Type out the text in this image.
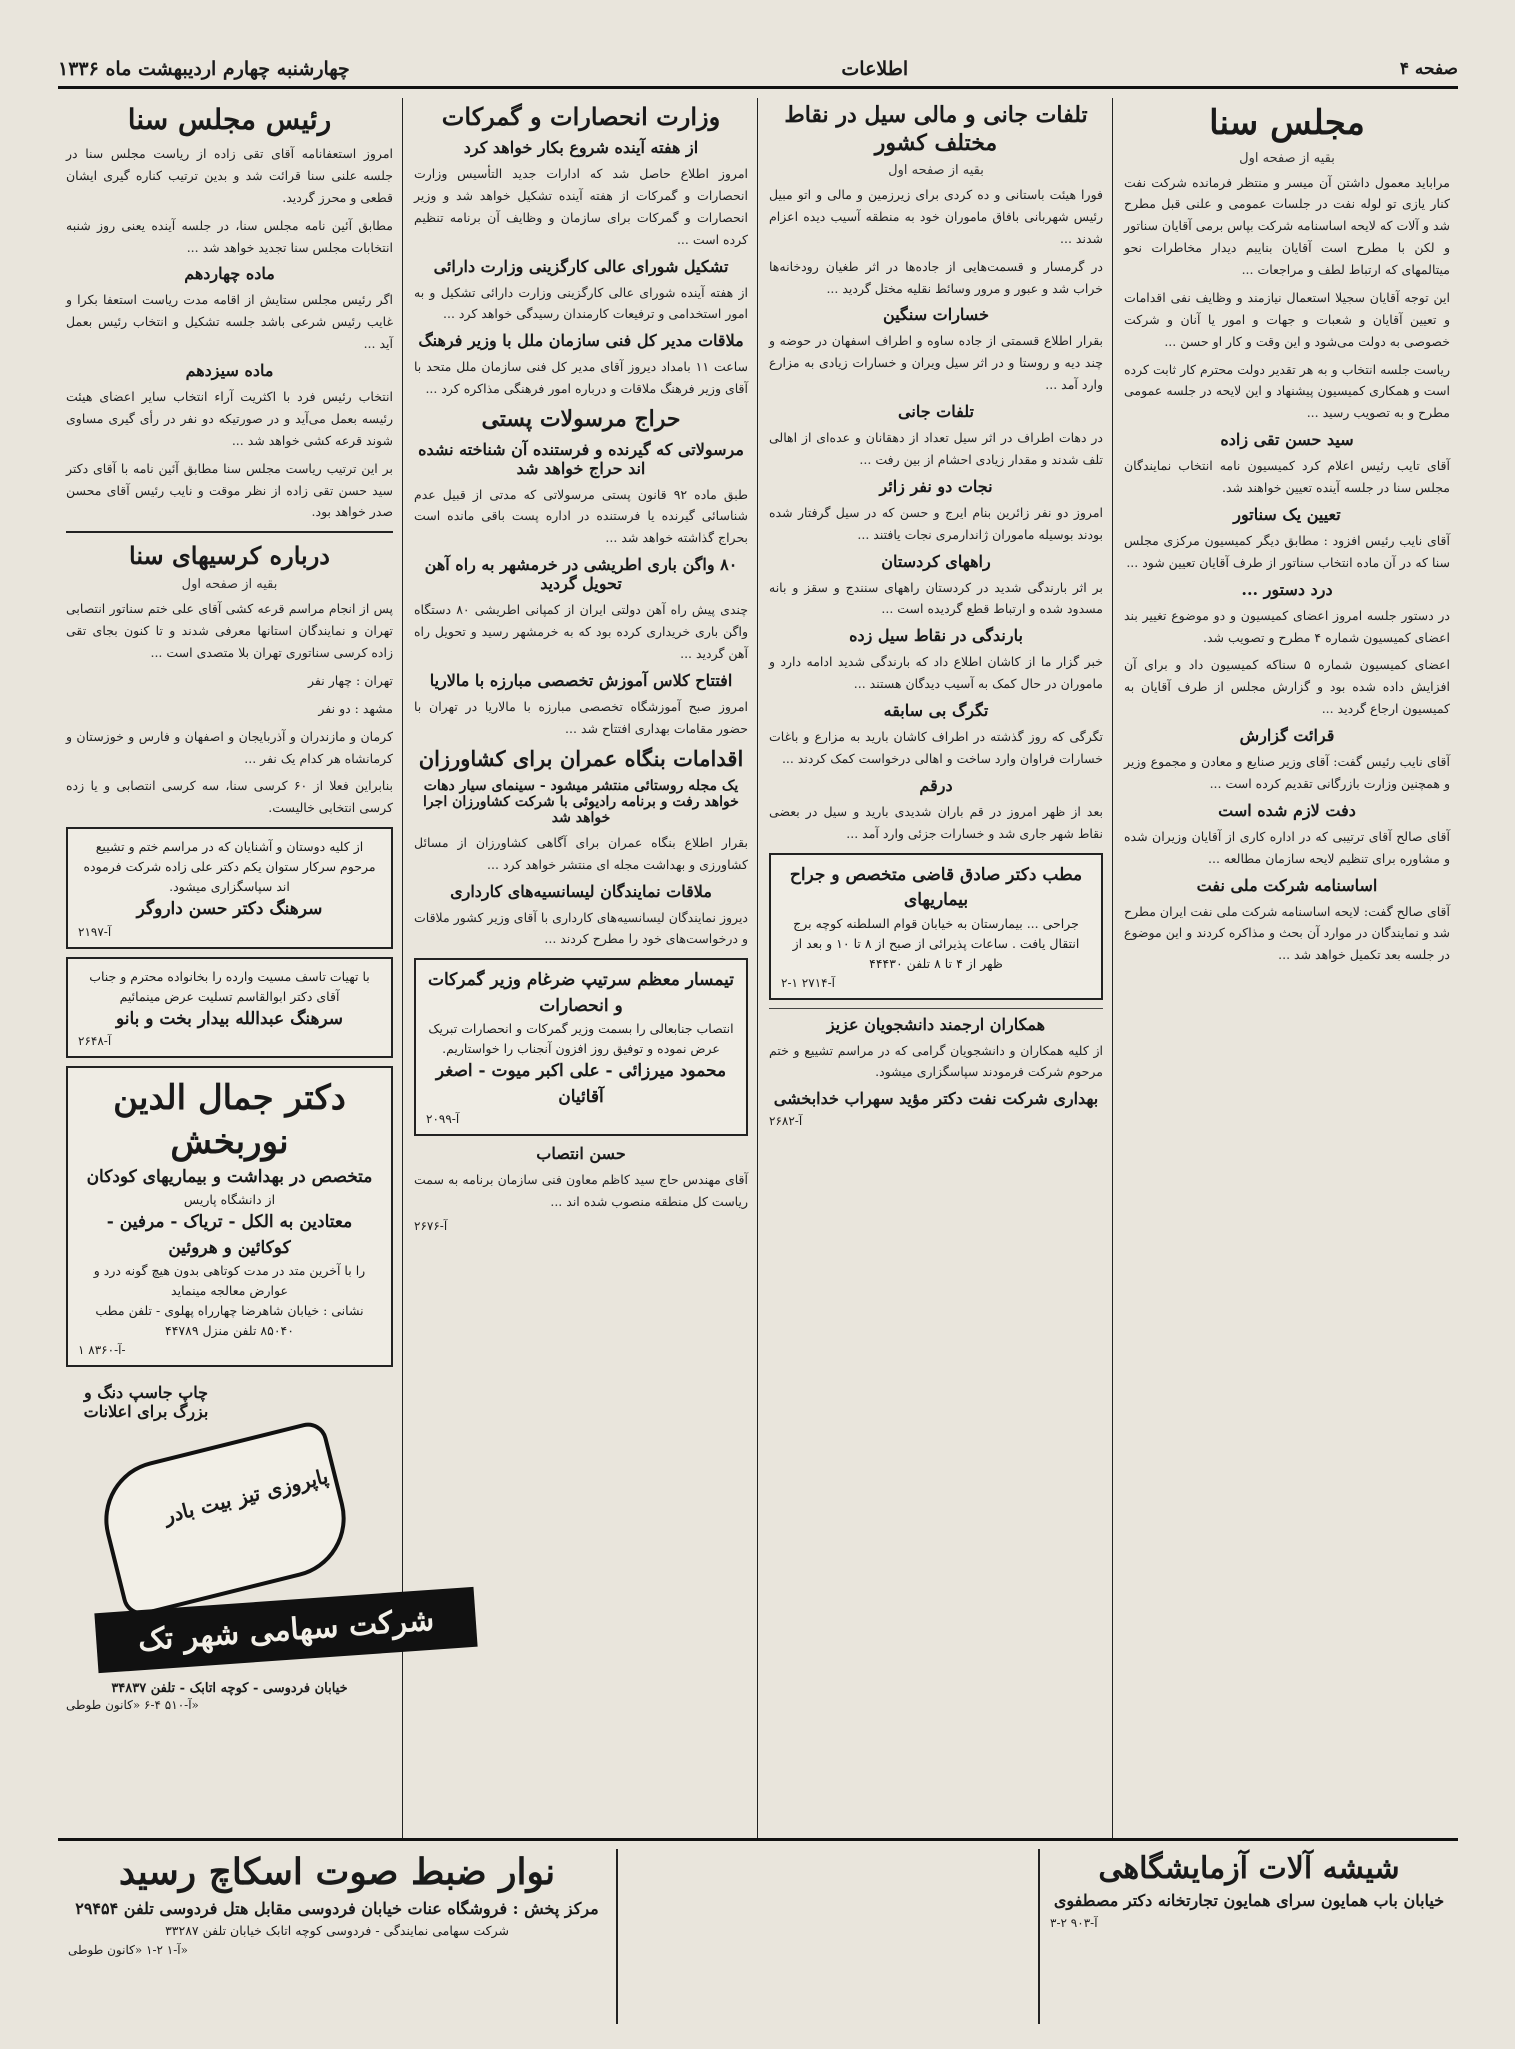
صفحه ۴
اطلاعات
چهارشنبه چهارم اردیبهشت ماه ۱۳۳۶
مجلس سنا
بقیه از صفحه اول

مراباید معمول داشتن آن میسر و منتظر فرمانده شرکت نفت کنار یازی تو لوله نفت در جلسات عمومی و علنی قبل مطرح شد و آلات که لایحه اساسنامه شرکت بپاس برمی آقایان سناتور و لکن با مطرح است آقایان بنایبم دیدار مخاطرات نحو میتالمهای که ارتباط لطف و مراجعات ...

این توجه آقایان سجیلا استعمال نیازمند و وظایف نفی اقدامات و تعیین آقایان و شعبات و جهات و امور یا آنان و شرکت خصوصی به دولت می‌شود و این وقت و کار او حسن ...

ریاست جلسه انتخاب و به هر تقدیر دولت محترم کار ثابت کرده است و همکاری کمیسیون پیشنهاد و این لایحه در جلسه عمومی مطرح و به تصویب رسید ...

سید حسن تقی زاده

آقای تایب رئیس اعلام کرد کمیسیون نامه انتخاب نمایندگان مجلس سنا در جلسه آینده تعیین خواهند شد.

تعیین یک سناتور

آقای نایب رئیس افزود : مطابق دیگر کمیسیون مرکزی مجلس سنا که در آن ماده انتخاب سناتور از طرف آقایان تعیین شود ...

درد دستور ...

در دستور جلسه امروز اعضای کمیسیون و دو موضوع تغییر بند اعضای کمیسیون شماره ۴ مطرح و تصویب شد.

اعضای کمیسیون شماره ۵ سناکه کمیسیون داد و برای آن افزایش داده شده بود و گزارش مجلس از طرف آقایان به کمیسیون ارجاع گردید ...

قرائت گزارش

آقای نایب رئیس گفت: آقای وزیر صنایع و معادن و مجموع وزیر و همچنین وزارت بازرگانی تقدیم کرده است ...

دفت لازم شده است

آقای صالح آقای ترتیبی که در اداره کاری از آقایان وزیران شده و مشاوره برای تنظیم لایحه سازمان مطالعه ...

اساسنامه شرکت ملی نفت

آقای صالح گفت: لایحه اساسنامه شرکت ملی نفت ایران مطرح شد و نمایندگان در موارد آن بحث و مذاکره کردند و این موضوع در جلسه بعد تکمیل خواهد شد ...

تلفات جانی و مالی سیل در نقاط مختلف کشور
بقیه از صفحه اول

فورا هیئت باستانی و ده کردی برای زیرزمین و مالی و اتو مبیل رئیس شهربانی بافاق ماموران خود به منطقه آسیب دیده اعزام شدند ...

در گرمسار و قسمت‌هایی از جاده‌ها در اثر طغیان رودخانه‌ها خراب شد و عبور و مرور وسائط نقلیه مختل گردید ...

خسارات سنگین

بقرار اطلاع قسمتی از جاده ساوه و اطراف اسفهان در حوضه و چند دیه و روستا و در اثر سیل ویران و خسارات زیادی به مزارع وارد آمد ...

تلفات جانی

در دهات اطراف در اثر سیل تعداد از دهقانان و عده‌ای از اهالی تلف شدند و مقدار زیادی احشام از بین رفت ...

نجات دو نفر زائر

امروز دو نفر زائرین بنام ایرج و حسن که در سیل گرفتار شده بودند بوسیله ماموران ژاندارمری نجات یافتند ...

راههای کردستان

بر اثر بارندگی شدید در کردستان راههای سنندج و سقز و بانه مسدود شده و ارتباط قطع گردیده است ...

بارندگی در نقاط سیل زده

خبر گزار ما از کاشان اطلاع داد که بارندگی شدید ادامه دارد و ماموران در حال کمک به آسیب دیدگان هستند ...

تگرگ بی سابقه

تگرگی که روز گذشته در اطراف کاشان بارید به مزارع و باغات خسارات فراوان وارد ساخت و اهالی درخواست کمک کردند ...

درقم

بعد از ظهر امروز در قم باران شدیدی بارید و سیل در بعضی نقاط شهر جاری شد و خسارات جزئی وارد آمد ...

مطب دکتر صادق قاضی متخصص و جراح بیماریهای
جراحی ... بیمارستان به خیابان قوام السلطنه کوچه برج انتقال یافت . ساعات پذیرائی از صبح از ۸ تا ۱۰ و بعد از ظهر از ۴ تا ۸ تلفن ۴۴۴۳۰
آ-۲۷۱۴ ۱-۲
همکاران ارجمند دانشجویان عزیز

از کلیه همکاران و دانشجویان گرامی که در مراسم تشییع و ختم مرحوم شرکت فرمودند سپاسگزاری میشود.

بهداری شرکت نفت دکتر مؤید سهراب خدابخشی
آ-۲۶۸۲
وزارت انحصارات و گمرکات
از هفته آینده شروع بکار خواهد کرد

امروز اطلاع حاصل شد که ادارات جدید التأسیس وزارت انحصارات و گمرکات از هفته آینده تشکیل خواهد شد و وزیر انحصارات و گمرکات برای سازمان و وظایف آن برنامه تنظیم کرده است ...

تشکیل شورای عالی کارگزینی وزارت دارائی

از هفته آینده شورای عالی کارگزینی وزارت دارائی تشکیل و به امور استخدامی و ترفیعات کارمندان رسیدگی خواهد کرد ...

ملاقات مدیر کل فنی سازمان ملل با وزیر فرهنگ

ساعت ۱۱ بامداد دیروز آقای مدیر کل فنی سازمان ملل متحد با آقای وزیر فرهنگ ملاقات و درباره امور فرهنگی مذاکره کرد ...

حراج مرسولات پستی
مرسولاتی که گیرنده و فرستنده آن شناخته نشده اند حراج خواهد شد

طبق ماده ۹۲ قانون پستی مرسولاتی که مدتی از قبیل عدم شناسائی گیرنده یا فرستنده در اداره پست باقی مانده است بحراج گذاشته خواهد شد ...

۸۰ واگن باری اطریشی در خرمشهر به راه آهن تحویل گردید

چندی پیش راه آهن دولتی ایران از کمپانی اطریشی ۸۰ دستگاه واگن باری خریداری کرده بود که به خرمشهر رسید و تحویل راه آهن گردید ...

افتتاح کلاس آموزش تخصصی مبارزه با مالاریا

امروز صبح آموزشگاه تخصصی مبارزه با مالاریا در تهران با حضور مقامات بهداری افتتاح شد ...

اقدامات بنگاه عمران برای کشاورزان
یک مجله روستائی منتشر میشود - سینمای سیار دهات خواهد رفت و برنامه رادیوئی با شرکت کشاورزان اجرا خواهد شد

بقرار اطلاع بنگاه عمران برای آگاهی کشاورزان از مسائل کشاورزی و بهداشت مجله ای منتشر خواهد کرد ...

ملاقات نمایندگان لیسانسیه‌های کارداری

دیروز نمایندگان لیسانسیه‌های کارداری با آقای وزیر کشور ملاقات و درخواست‌های خود را مطرح کردند ...

تیمسار معظم سرتیپ ضرغام وزیر گمرکات و انحصارات
انتصاب جنابعالی را بسمت وزیر گمرکات و انحصارات تبریک عرض نموده و توفیق روز افزون آنجناب را خواستاریم.
محمود میرزائی - علی اکبر میوت - اصغر آقائیان
آ-۲۰۹۹
حسن انتصاب

آقای مهندس حاج سید کاظم معاون فنی سازمان برنامه به سمت ریاست کل منطقه منصوب شده اند ...

آ-۲۶۷۶
رئیس مجلس سنا

امروز استعفانامه آقای تقی زاده از ریاست مجلس سنا در جلسه علنی سنا قرائت شد و بدین ترتیب کناره گیری ایشان قطعی و محرز گردید.

مطابق آئین نامه مجلس سنا، در جلسه آینده یعنی روز شنبه انتخابات مجلس سنا تجدید خواهد شد ...

ماده چهاردهم

اگر رئیس مجلس ستایش از اقامه مدت ریاست استعفا بکرا و غایب رئیس شرعی باشد جلسه تشکیل و انتخاب رئیس بعمل آید ...

ماده سیزدهم

انتخاب رئیس فرد با اکثریت آراء انتخاب سایر اعضای هیئت رئیسه بعمل می‌آید و در صورتیکه دو نفر در رأی گیری مساوی شوند قرعه کشی خواهد شد ...

بر این ترتیب ریاست مجلس سنا مطابق آئین نامه با آقای دکتر سید حسن تقی زاده از نظر موقت و نایب رئیس آقای محسن صدر خواهد بود.

درباره کرسیهای سنا
بقیه از صفحه اول

پس از انجام مراسم قرعه کشی آقای علی ختم سناتور انتصابی تهران و نمایندگان استانها معرفی شدند و تا کنون بجای تقی زاده کرسی سناتوری تهران بلا متصدی است ...

تهران : چهار نفر

مشهد : دو نفر

کرمان و مازندران و آذربایجان و اصفهان و فارس و خوزستان و کرمانشاه هر کدام یک نفر ...

بنابراین فعلا از ۶۰ کرسی سنا، سه کرسی انتصابی و یا زده کرسی انتخابی خالیست.

از کلیه دوستان و آشنایان که در مراسم ختم و تشییع مرحوم سرکار ستوان یکم دکتر علی زاده شرکت فرموده اند سپاسگزاری میشود.
سرهنگ دکتر حسن داروگر
آ-۲۱۹۷
با تهیات تاسف مسیت وارده را بخانواده محترم و جناب آقای دکتر ابوالقاسم تسلیت عرض مینمائیم
سرهنگ عبدالله بیدار بخت و بانو
آ-۲۶۴۸
دکتر جمال الدین نوربخش
متخصص در بهداشت و بیماریهای کودکان
از دانشگاه پاریس
معتادین به الکل - تریاک - مرفین - کوکائین و هروئین
را با آخرین متد در مدت کوتاهی بدون هیچ گونه درد و عوارض معالجه مینماید
نشانی : خیابان شاهرضا چهارراه پهلوی - تلفن مطب ۸۵۰۴۰ تلفن منزل ۴۴۷۸۹
آ-۸۳۶۰ ۱-
چاپ جاسپ دنگ و بزرگ برای اعلانات
پاپروزی تیز بیت بادر
شرکت سهامی شهر تک
خیابان فردوسی - کوچه اتابک - تلفن ۳۴۸۳۷
آ-۵۱۰ ۴-۶ «کانون طوطی»
شیشه آلات آزمایشگاهی
خیابان باب همایون سرای همایون تجارتخانه دکتر مصطفوی
آ-۹۰۳ ۲-۳
نوار ضبط صوت اسکاچ رسید
مرکز پخش : فروشگاه عنات خیابان فردوسی مقابل هتل فردوسی تلفن ۲۹۴۵۴
شرکت سهامی نمایندگی - فردوسی کوچه اتابک خیابان تلفن ۳۳۲۸۷
آ-۱ ۲-۱ «کانون طوطی»
